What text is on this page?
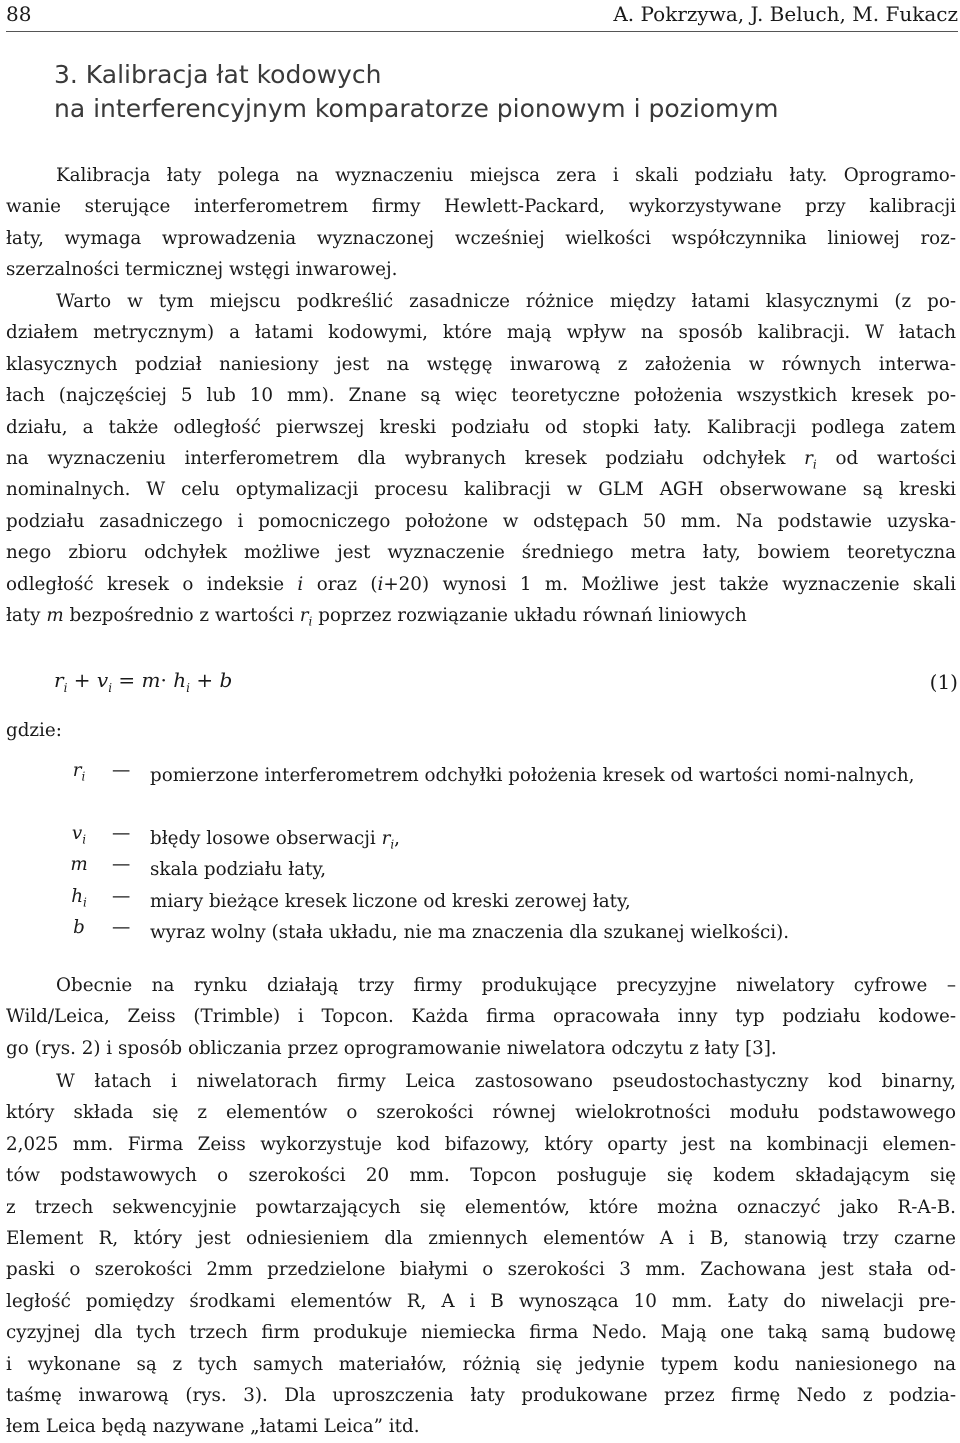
88	A. Pokrzywa, J. Beluch, M. Fukacz
3. Kalibracja łat kodowych
na interferencyjnym komparatorze pionowym i poziomym
Kalibracja łaty polega na wyznaczeniu miejsca zera i skali podziału łaty. Oprogramo-
wanie sterujące interferometrem firmy Hewlett-Packard, wykorzystywane przy kalibracji
łaty, wymaga wprowadzenia wyznaczonej wcześniej wielkości współczynnika liniowej roz-
szerzalności termicznej wstęgi inwarowej.
Warto w tym miejscu podkreślić zasadnicze różnice między łatami klasycznymi (z po-
działem metrycznym) a łatami kodowymi, które mają wpływ na sposób kalibracji. W łatach
klasycznych podział naniesiony jest na wstęgę inwarową z założenia w równych interwa-
łach (najczęściej 5 lub 10 mm). Znane są więc teoretyczne położenia wszystkich kresek po-
działu, a także odległość pierwszej kreski podziału od stopki łaty. Kalibracji podlega zatem
na wyznaczeniu interferometrem dla wybranych kresek podziału odchyłek $r_i$ od wartości
nominalnych. W celu optymalizacji procesu kalibracji w GLM AGH obserwowane są kreski
podziału zasadniczego i pomocniczego położone w odstępach 50 mm. Na podstawie uzyska-
nego zbioru odchyłek możliwe jest wyznaczenie średniego metra łaty, bowiem teoretyczna
odległość kresek o indeksie i oraz (i+20) wynosi 1 m. Możliwe jest także wyznaczenie skali
łaty m bezpośrednio z wartości $r_i$ poprzez rozwiązanie układu równań liniowych
$r_i + v_i = m\cdot h_i + b$	(1)
gdzie:
$r_i$	— pomierzone interferometrem odchyłki położenia kresek od wartości nomi-nalnych,
$v_i$	— błędy losowe obserwacji $r_i$,
m	— skala podziału łaty,
$h_i$	— miary bieżące kresek liczone od kreski zerowej łaty,
b	— wyraz wolny (stała układu, nie ma znaczenia dla szukanej wielkości).
Obecnie na rynku działają trzy firmy produkujące precyzyjne niwelatory cyfrowe –
Wild/Leica, Zeiss (Trimble) i Topcon. Każda firma opracowała inny typ podziału kodowe-
go (rys. 2) i sposób obliczania przez oprogramowanie niwelatora odczytu z łaty [3].
W łatach i niwelatorach firmy Leica zastosowano pseudostochastyczny kod binarny,
który składa się z elementów o szerokości równej wielokrotności modułu podstawowego
2,025 mm. Firma Zeiss wykorzystuje kod bifazowy, który oparty jest na kombinacji elemen-
tów podstawowych o szerokości 20 mm. Topcon posługuje się kodem składającym się
z trzech sekwencyjnie powtarzających się elementów, które można oznaczyć jako R-A-B.
Element R, który jest odniesieniem dla zmiennych elementów A i B, stanowią trzy czarne
paski o szerokości 2mm przedzielone białymi o szerokości 3 mm. Zachowana jest stała od-
ległość pomiędzy środkami elementów R, A i B wynosząca 10 mm. Łaty do niwelacji pre-
cyzyjnej dla tych trzech firm produkuje niemiecka firma Nedo. Mają one taką samą budowę
i wykonane są z tych samych materiałów, różnią się jedynie typem kodu naniesionego na
taśmę inwarową (rys. 3). Dla uproszczenia łaty produkowane przez firmę Nedo z podzia-
łem Leica będą nazywane „łatami Leica” itd.
